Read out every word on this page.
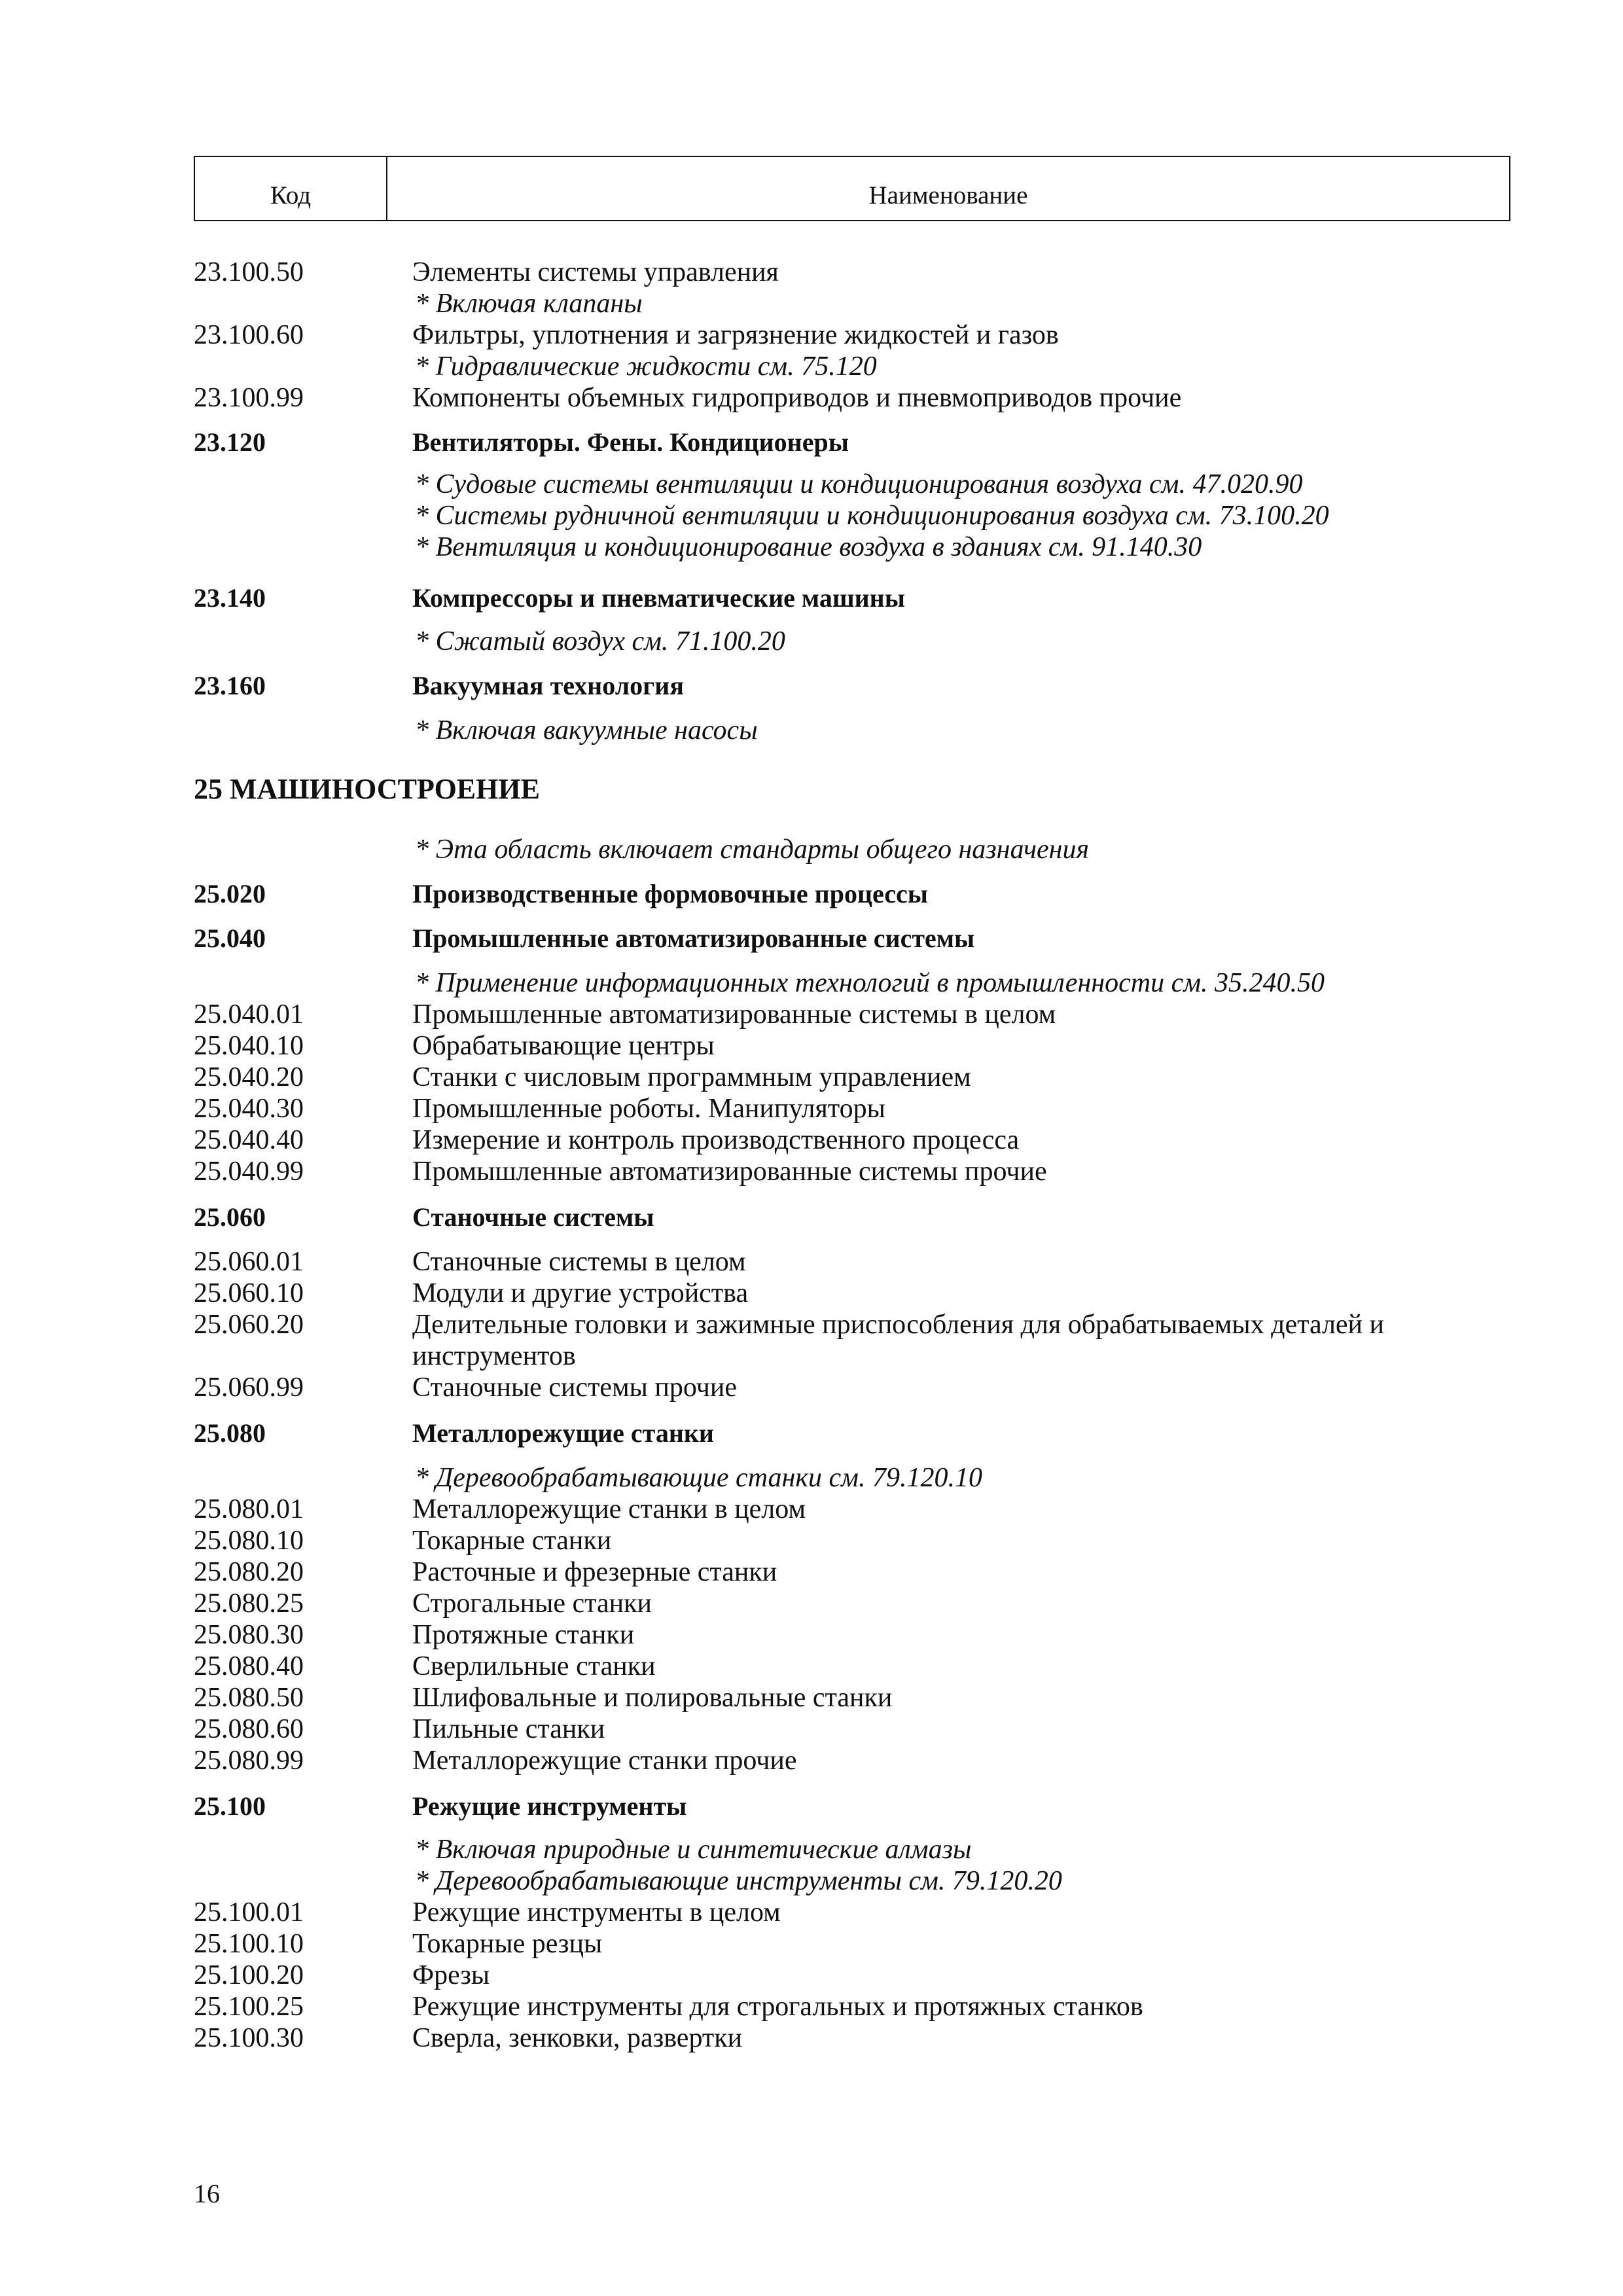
Код	Наименование
23.100.50	Элементы системы управления
* Включая клапаны
23.100.60	Фильтры, уплотнения и загрязнение жидкостей и газов
* Гидравлические жидкости см. 75.120
23.100.99	Компоненты объемных гидроприводов и пневмоприводов прочие
23.120	Вентиляторы. Фены. Кондиционеры
* Судовые системы вентиляции и кондиционирования воздуха см. 47.020.90
* Системы рудничной вентиляции и кондиционирования воздуха см. 73.100.20
* Вентиляция и кондиционирование воздуха в зданиях см. 91.140.30
23.140	Компрессоры и пневматические машины
* Сжатый воздух см. 71.100.20
23.160	Вакуумная технология
* Включая вакуумные насосы
25 МАШИНОСТРОЕНИЕ
* Эта область включает стандарты общего назначения
25.020	Производственные формовочные процессы
25.040	Промышленные автоматизированные системы
* Применение информационных технологий в промышленности см. 35.240.50
25.040.01	Промышленные автоматизированные системы в целом
25.040.10	Обрабатывающие центры
25.040.20	Станки с числовым программным управлением
25.040.30	Промышленные роботы. Манипуляторы
25.040.40	Измерение и контроль производственного процесса
25.040.99	Промышленные автоматизированные системы прочие
25.060	Станочные системы
25.060.01	Станочные системы в целом
25.060.10	Модули и другие устройства
25.060.20	Делительные головки и зажимные приспособления для обрабатываемых деталей и
инструментов
25.060.99	Станочные системы прочие
25.080	Металлорежущие станки
* Деревообрабатывающие станки см. 79.120.10
25.080.01	Металлорежущие станки в целом
25.080.10	Токарные станки
25.080.20	Расточные и фрезерные станки
25.080.25	Строгальные станки
25.080.30	Протяжные станки
25.080.40	Сверлильные станки
25.080.50	Шлифовальные и полировальные станки
25.080.60	Пильные станки
25.080.99	Металлорежущие станки прочие
25.100	Режущие инструменты
* Включая природные и синтетические алмазы
* Деревообрабатывающие инструменты см. 79.120.20
25.100.01	Режущие инструменты в целом
25.100.10	Токарные резцы
25.100.20	Фрезы
25.100.25	Режущие инструменты для строгальных и протяжных станков
25.100.30	Сверла, зенковки, развертки
16
